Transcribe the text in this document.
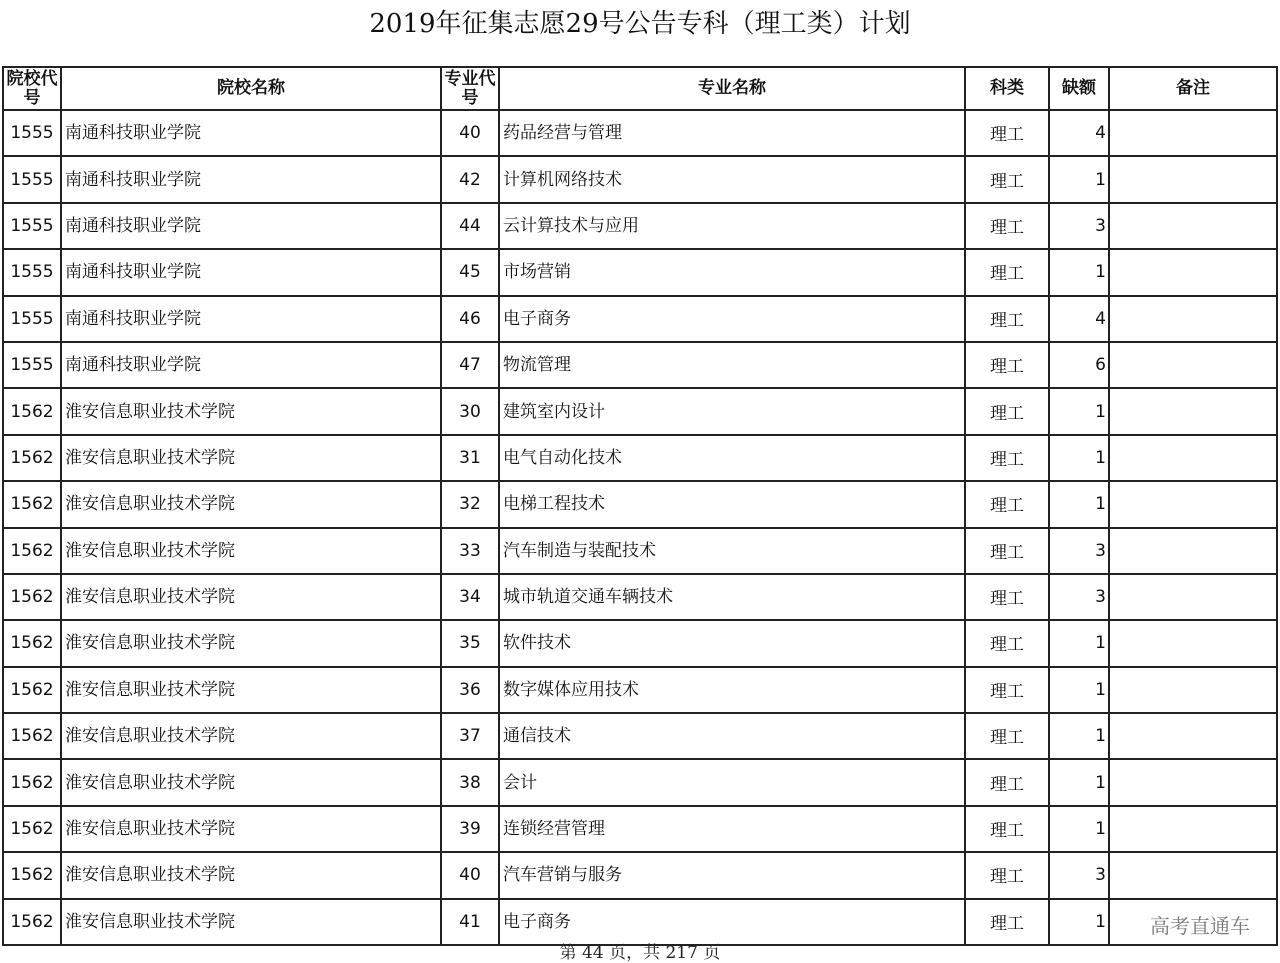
2019年征集志愿29号公告专科（理工类）计划
院校代号	院校名称	专业代号	专业名称	科类	缺额	备注
1555	南通科技职业学院	40	药品经营与管理	理工	4	
1555	南通科技职业学院	42	计算机网络技术	理工	1	
1555	南通科技职业学院	44	云计算技术与应用	理工	3	
1555	南通科技职业学院	45	市场营销	理工	1	
1555	南通科技职业学院	46	电子商务	理工	4	
1555	南通科技职业学院	47	物流管理	理工	6	
1562	淮安信息职业技术学院	30	建筑室内设计	理工	1	
1562	淮安信息职业技术学院	31	电气自动化技术	理工	1	
1562	淮安信息职业技术学院	32	电梯工程技术	理工	1	
1562	淮安信息职业技术学院	33	汽车制造与装配技术	理工	3	
1562	淮安信息职业技术学院	34	城市轨道交通车辆技术	理工	3	
1562	淮安信息职业技术学院	35	软件技术	理工	1	
1562	淮安信息职业技术学院	36	数字媒体应用技术	理工	1	
1562	淮安信息职业技术学院	37	通信技术	理工	1	
1562	淮安信息职业技术学院	38	会计	理工	1	
1562	淮安信息职业技术学院	39	连锁经营管理	理工	1	
1562	淮安信息职业技术学院	40	汽车营销与服务	理工	3	
1562	淮安信息职业技术学院	41	电子商务	理工	1	高考直通车
第 44 页，共 217 页
